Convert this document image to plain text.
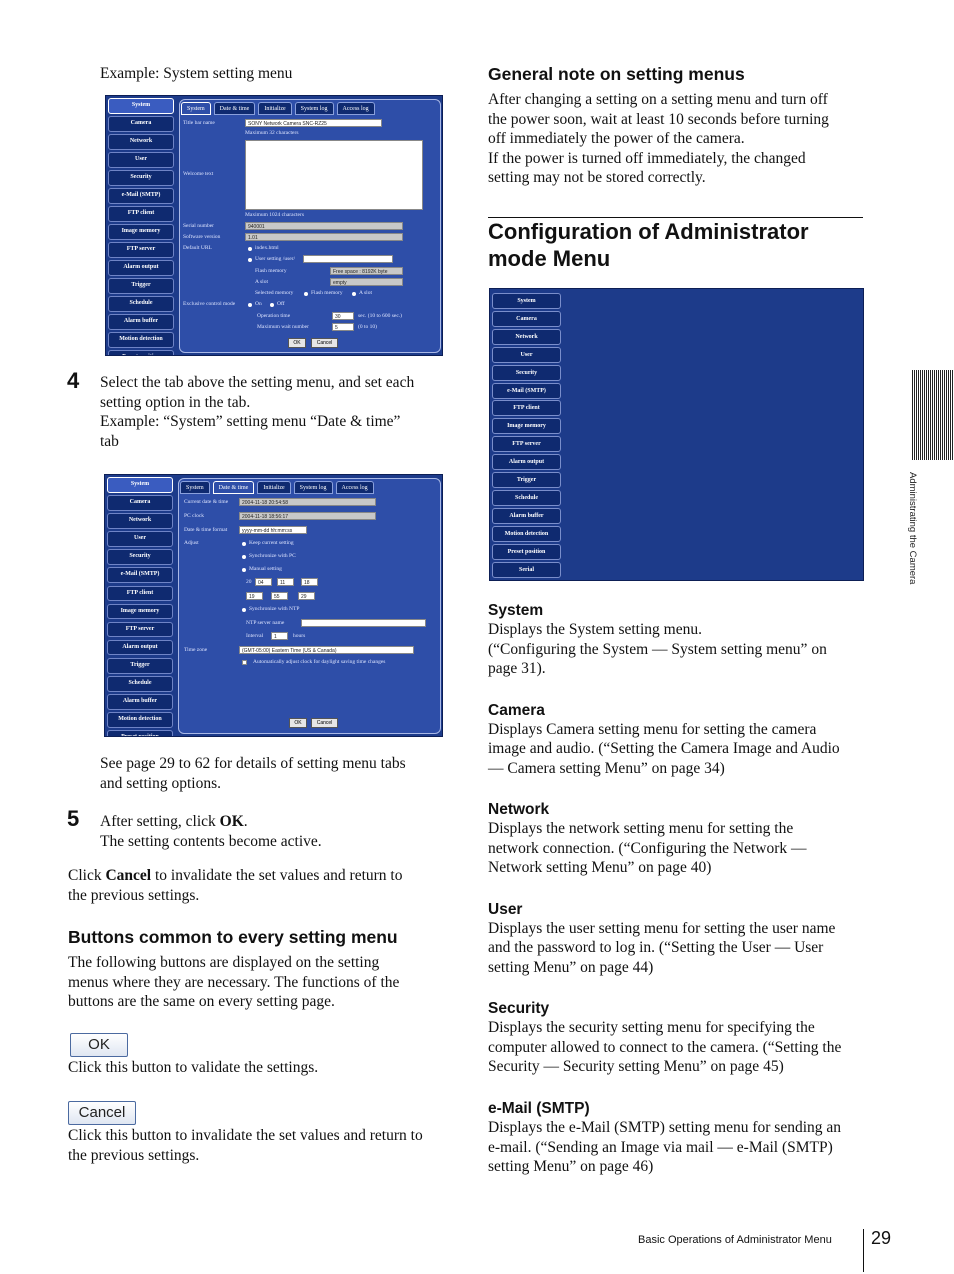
Example: System setting menu
System
Camera
Network
User
Security
e-Mail (SMTP)
FTP client
Image memory
FTP server
Alarm output
Trigger
Schedule
Alarm buffer
Motion detection
System	Date & time	Initialize	System log	Access log
Title bar name	SONY Network Camera SNC-RZ25
Maximum 32 characters
Welcome text
Maximum 1024 characters
Serial number	940001
Software version	1.01
Default URL	index.html
User setting /user/
Flash memory	Free space : 8192K byte
A slot	empty
Selected memory	Flash memory	A slot
Exclusive control mode	On	Off
Operation time	30	sec. (10 to 600 sec.)
Maximum wait number	5	(0 to 10)
OK	Cancel
4 Select the tab above the setting menu, and set each
setting option in the tab.
Example: “System” setting menu “Date & time”
tab
System
Camera
Network
User
Security
e-Mail (SMTP)
FTP client
Image memory
FTP server
Alarm output
Trigger
Schedule
Alarm buffer
Motion detection
System	Date & time	Initialize	System log	Access log
Current date & time	2004-11-18 20:54:58
PC clock	2004-11-18 18:56:17
Date & time format	yyyy-mm-dd hh:mm:ss
Adjust	Keep current setting
Synchronize with PC
Manual setting
20	04	11	18
19	55	29
Synchronize with NTP
NTP server name
Interval	1	hours
Time zone	(GMT-05:00) Eastern Time (US & Canada)
Automatically adjust clock for daylight saving time changes
OK	Cancel
See page 29 to 62 for details of setting menu tabs
and setting options.
5 After setting, click OK.
The setting contents become active.
Click Cancel to invalidate the set values and return to
the previous settings.
Buttons common to every setting menu
The following buttons are displayed on the setting
menus where they are necessary. The functions of the
buttons are the same on every setting page.
OK
Click this button to validate the settings.
Cancel
Click this button to invalidate the set values and return to
the previous settings.
General note on setting menus
After changing a setting on a setting menu and turn off
the power soon, wait at least 10 seconds before turning
off immediately the power of the camera.
If the power is turned off immediately, the changed
setting may not be stored correctly.
Configuration of Administrator
mode Menu
System
Camera
Network
User
Security
e-Mail (SMTP)
FTP client
Image memory
FTP server
Alarm output
Trigger
Schedule
Alarm buffer
Motion detection
Preset position
Serial
System
Displays the System setting menu.
(“Configuring the System — System setting menu” on
page 31).
Camera
Displays Camera setting menu for setting the camera
image and audio. (“Setting the Camera Image and Audio
— Camera setting Menu” on page 34)
Network
Displays the network setting menu for setting the
network connection. (“Configuring the Network —
Network setting Menu” on page 40)
User
Displays the user setting menu for setting the user name
and the password to log in. (“Setting the User — User
setting Menu” on page 44)
Security
Displays the security setting menu for specifying the
computer allowed to connect to the camera. (“Setting the
Security — Security setting Menu” on page 45)
e-Mail (SMTP)
Displays the e-Mail (SMTP) setting menu for sending an
e-mail. (“Sending an Image via mail — e-Mail (SMTP)
setting Menu” on page 46)
Administrating the Camera
Basic Operations of Administrator Menu 29
